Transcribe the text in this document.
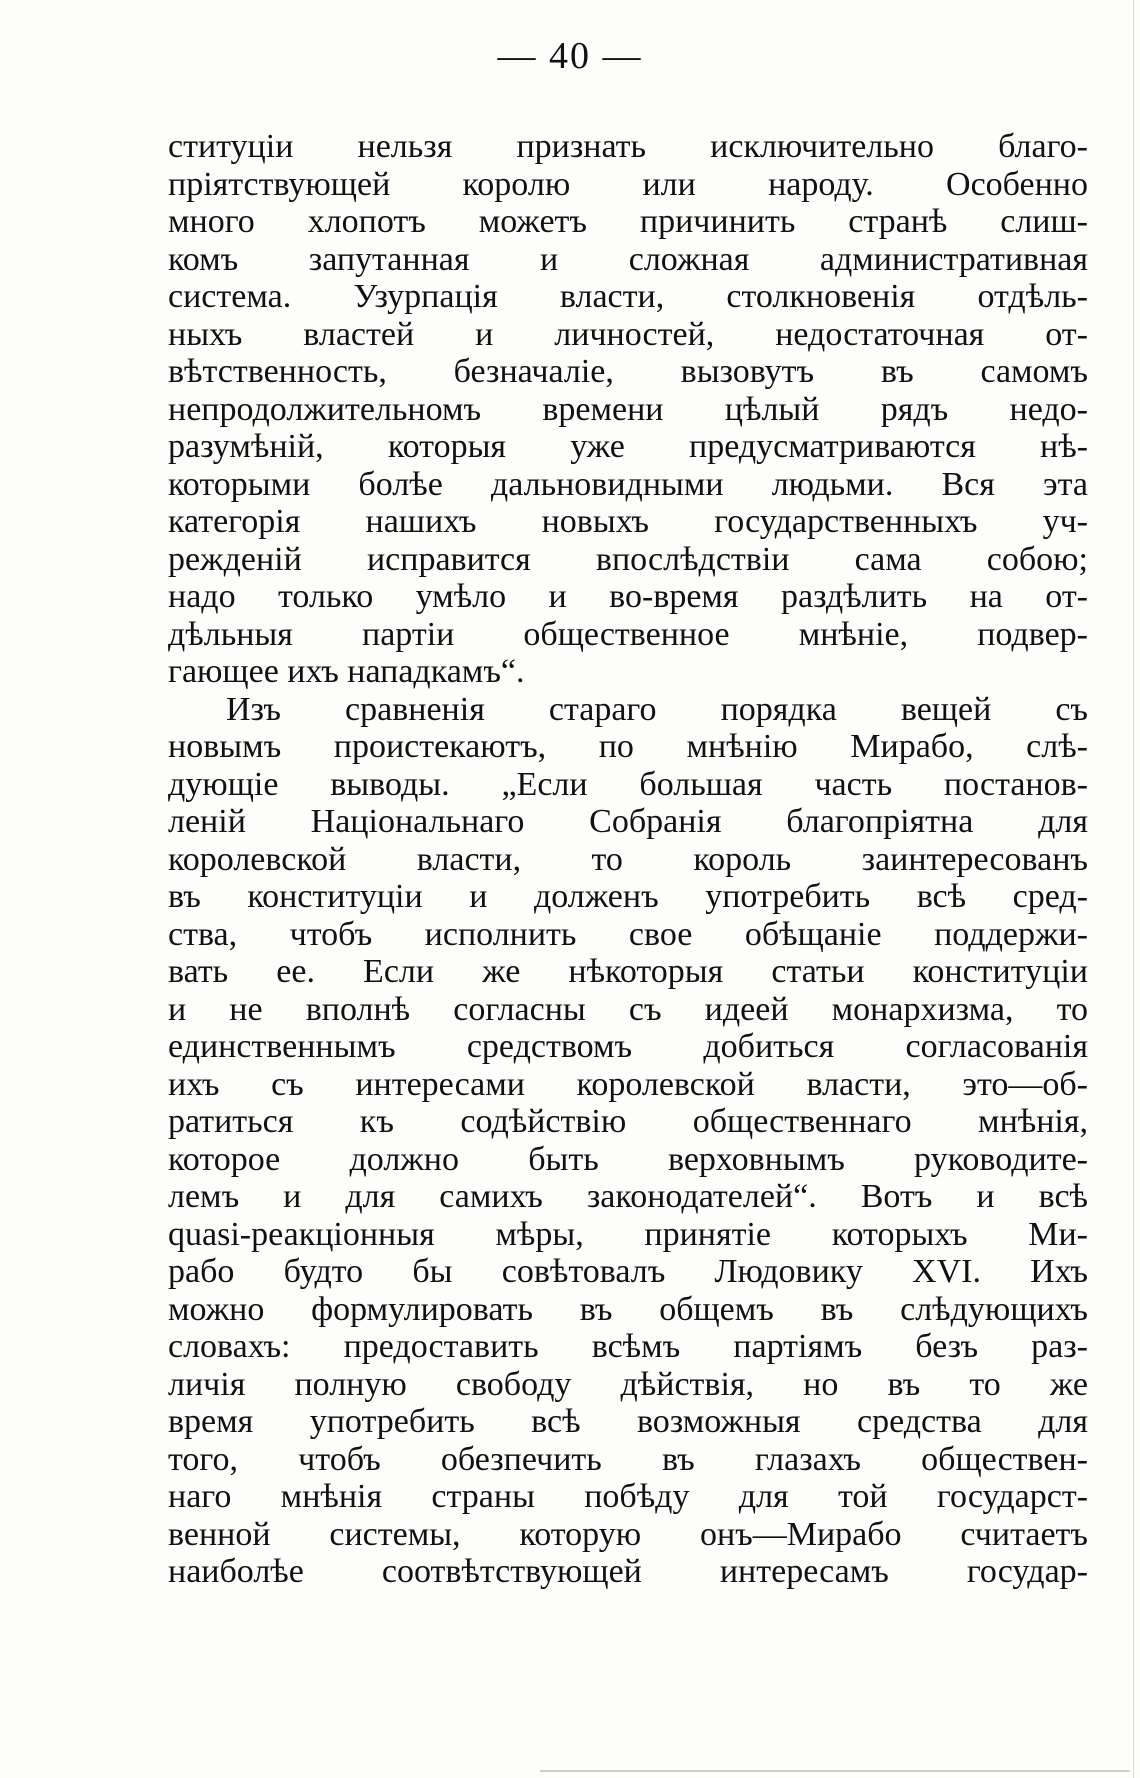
— 40 —
ституціи нельзя признать исключительно благо-
пріятствующей королю или народу. Особенно
много хлопотъ можетъ причинить странѣ слиш-
комъ запутанная и сложная административная
система. Узурпація власти, столкновенія отдѣль-
ныхъ властей и личностей, недостаточная от-
вѣтственность, безначаліе, вызовутъ въ самомъ
непродолжительномъ времени цѣлый рядъ недо-
разумѣній, которыя уже предусматриваются нѣ-
которыми болѣе дальновидными людьми. Вся эта
категорія нашихъ новыхъ государственныхъ уч-
режденій исправится впослѣдствіи сама собою;
надо только умѣло и во-время раздѣлить на от-
дѣльныя партіи общественное мнѣніе, подвер-
гающее ихъ нападкамъ“.
Изъ сравненія стараго порядка вещей съ
новымъ проистекаютъ, по мнѣнію Мирабо, слѣ-
дующіе выводы. „Если большая часть постанов-
леній Національнаго Собранія благопріятна для
королевской власти, то король заинтересованъ
въ конституціи и долженъ употребить всѣ сред-
ства, чтобъ исполнить свое обѣщаніе поддержи-
вать ее. Если же нѣкоторыя статьи конституціи
и не вполнѣ согласны съ идеей монархизма, то
единственнымъ средствомъ добиться согласованія
ихъ съ интересами королевской власти, это—об-
ратиться къ содѣйствію общественнаго мнѣнія,
которое должно быть верховнымъ руководите-
лемъ и для самихъ законодателей“. Вотъ и всѣ
quasi-реакціонныя мѣры, принятіе которыхъ Ми-
рабо будто бы совѣтовалъ Людовику XVI. Ихъ
можно формулировать въ общемъ въ слѣдующихъ
словахъ: предоставить всѣмъ партіямъ безъ раз-
личія полную свободу дѣйствія, но въ то же
время употребить всѣ возможныя средства для
того, чтобъ обезпечить въ глазахъ обществен-
наго мнѣнія страны побѣду для той государст-
венной системы, которую онъ—Мирабо считаетъ
наиболѣе соотвѣтствующей интересамъ государ-
